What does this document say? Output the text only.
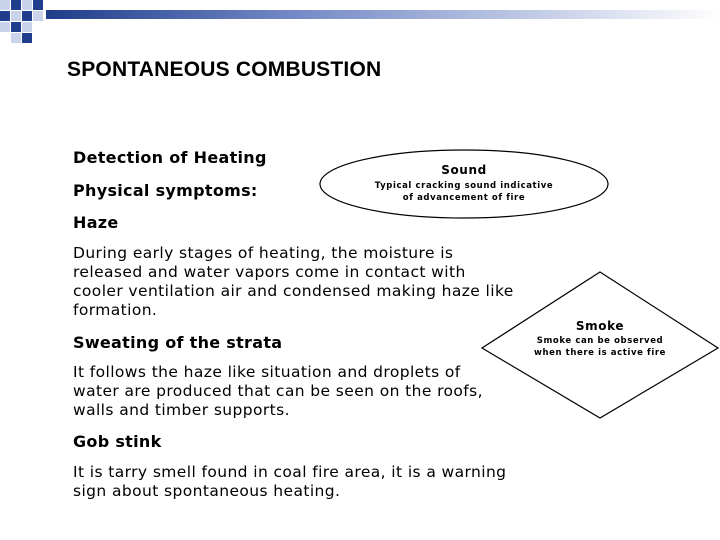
SPONTANEOUS COMBUSTION
Detection of Heating
Physical symptoms:
Haze
During early stages of heating, the moisture is
released and water vapors come in contact with
cooler ventilation air and condensed making haze like
formation.
Sweating of the strata
It follows the haze like situation and droplets of
water are produced that can be seen on the roofs,
walls and timber supports.
Gob stink
It is tarry smell found in coal fire area, it is a warning
sign about spontaneous heating.
Sound
Typical cracking sound indicative
of advancement of fire
Smoke
Smoke can be observed
when there is active fire
